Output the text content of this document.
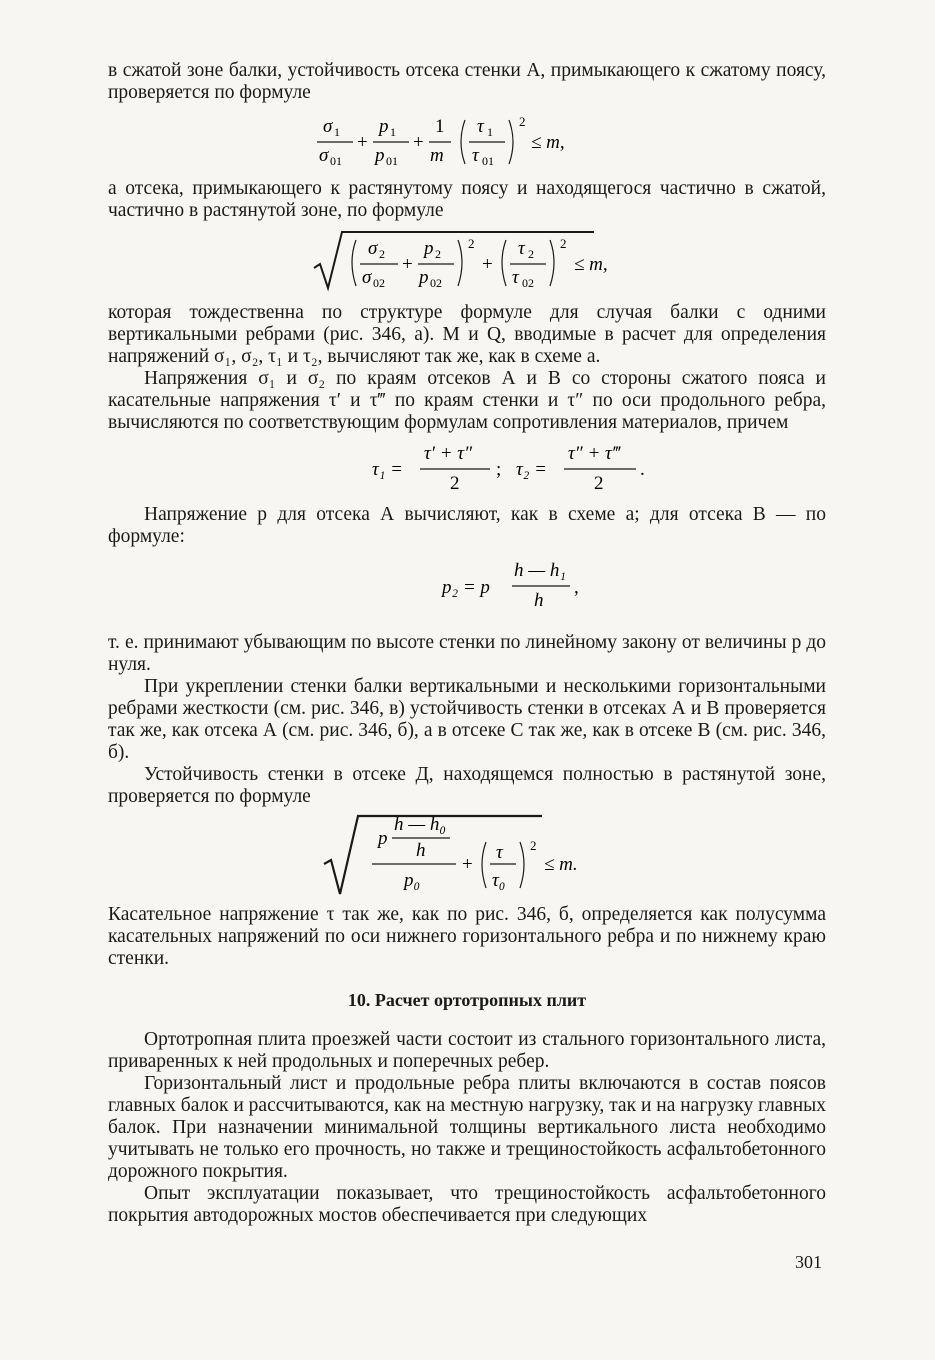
в сжатой зоне балки, устойчивость отсека стенки А, примыкающего к сжатому поясу, проверяется по формуле

σ 1
σ 01
+
p 1
p 01
+
1
m
τ 1
τ 01
2
≤ m,

а отсека, примыкающего к растянутому поясу и находящегося частично в сжатой, частично в растянутой зоне, по формуле

σ 2
σ 02
+
p 2
p 02
2
+
τ 2
τ 02
2
≤ m,

которая тождественна по структуре формуле для случая балки с одними вертикальными ребрами (рис. 346, а). М и Q, вводимые в расчет для определения напряжений σ₁, σ₂, τ₁ и τ₂, вычисляют так же, как в схеме а.

Напряжения σ₁ и σ₂ по краям отсеков А и В со стороны сжатого пояса и касательные напряжения τ′ и τ‴ по краям стенки и τ″ по оси продольного ребра, вычисляются по соответствующим формулам сопротивления материалов, причем

τ₁ =
τ′ + τ″
2
; τ₂ =
τ″ + τ‴
2
.

Напряжение p для отсека А вычисляют, как в схеме а; для отсека В — по формуле:

p₂ = p
h — h₁
h
,

т. е. принимают убывающим по высоте стенки по линейному закону от величины p до нуля.

При укреплении стенки балки вертикальными и несколькими горизонтальными ребрами жесткости (см. рис. 346, в) устойчивость стенки в отсеках А и В проверяется так же, как отсека А (см. рис. 346, б), а в отсеке С так же, как в отсеке В (см. рис. 346, б).

Устойчивость стенки в отсеке Д, находящемся полностью в растянутой зоне, проверяется по формуле

p
h — h₀
h
p₀
+
τ
τ₀
2
≤ m.

Касательное напряжение τ так же, как по рис. 346, б, определяется как полусумма касательных напряжений по оси нижнего горизонтального ребра и по нижнему краю стенки.

10. Расчет ортотропных плит

Ортотропная плита проезжей части состоит из стального горизонтального листа, приваренных к ней продольных и поперечных ребер.

Горизонтальный лист и продольные ребра плиты включаются в состав поясов главных балок и рассчитываются, как на местную нагрузку, так и на нагрузку главных балок. При назначении минимальной толщины вертикального листа необходимо учитывать не только его прочность, но также и трещиностойкость асфальтобетонного дорожного покрытия.

Опыт эксплуатации показывает, что трещиностойкость асфальтобетонного покрытия автодорожных мостов обеспечивается при следующих

301
